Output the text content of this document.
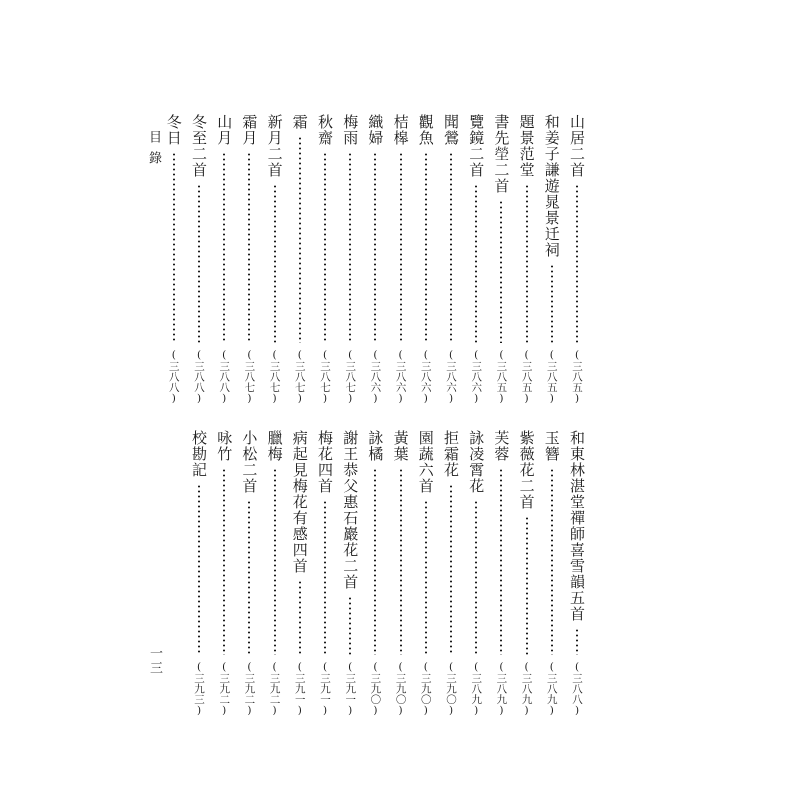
目錄
一三
山居二首
(三八五)
和姜子謙遊晁景迁祠
(三八五)
題景范堂
(三八五)
書先塋二首
(三八五)
覽鏡二首
(三八六)
聞鶯
(三八六)
觀魚
(三八六)
桔槔
(三八六)
織婦
(三八六)
梅雨
(三八七)
秋齋
(三八七)
霜
(三八七)
新月二首
(三八七)
霜月
(三八七)
山月
(三八八)
冬至二首
(三八八)
冬日
(三八八)
和東林湛堂禪師喜雪韻五首
(三八八)
玉簪
(三八九)
紫薇花二首
(三八九)
芙蓉
(三八九)
詠凌霄花
(三八九)
拒霜花
(三九〇)
園蔬六首
(三九〇)
黃葉
(三九〇)
詠橘
(三九〇)
謝王恭父惠石巖花二首
(三九一)
梅花四首
(三九一)
病起見梅花有感四首
(三九一)
臘梅
(三九二)
小松二首
(三九二)
咏竹
(三九二)
校勘記
(三九三)
